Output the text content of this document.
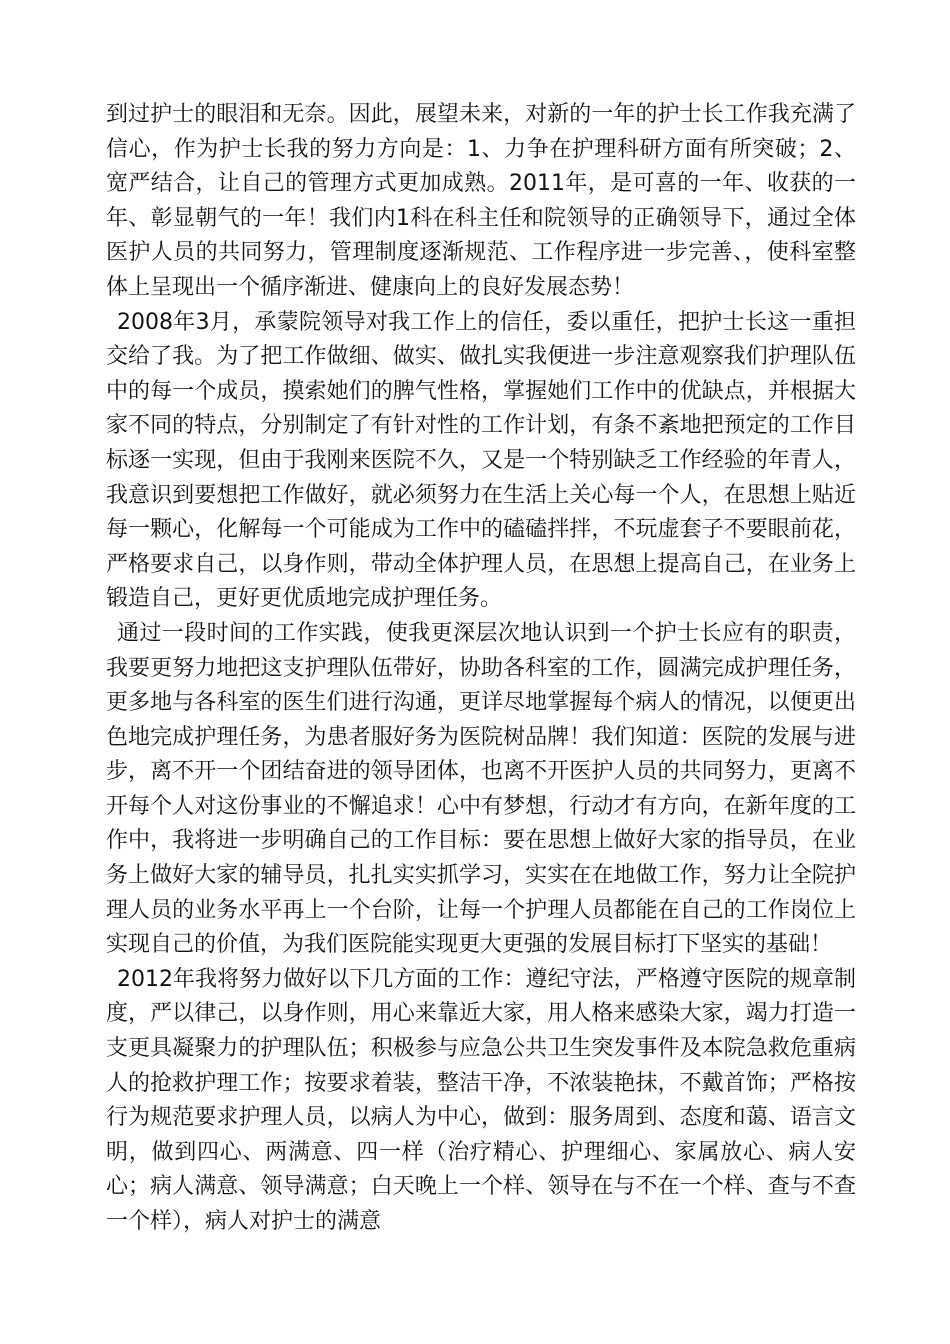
到过护士的眼泪和无奈。因此，展望未来，对新的一年的护士长工作我充满了信心，作为护士长我的努力方向是：1、力争在护理科研方面有所突破；2、宽严结合，让自己的管理方式更加成熟。2011年，是可喜的一年、收获的一年、彰显朝气的一年！我们内1科在科主任和院领导的正确领导下，通过全体医护人员的共同努力，管理制度逐渐规范、工作程序进一步完善、，使科室整体上呈现出一个循序渐进、健康向上的良好发展态势！

2008年3月，承蒙院领导对我工作上的信任，委以重任，把护士长这一重担交给了我。为了把工作做细、做实、做扎实我便进一步注意观察我们护理队伍中的每一个成员，摸索她们的脾气性格，掌握她们工作中的优缺点，并根据大家不同的特点，分别制定了有针对性的工作计划，有条不紊地把预定的工作目标逐一实现，但由于我刚来医院不久，又是一个特别缺乏工作经验的年青人，我意识到要想把工作做好，就必须努力在生活上关心每一个人，在思想上贴近每一颗心，化解每一个可能成为工作中的磕磕拌拌，不玩虚套子不要眼前花，严格要求自己，以身作则，带动全体护理人员，在思想上提高自己，在业务上锻造自己，更好更优质地完成护理任务。

通过一段时间的工作实践，使我更深层次地认识到一个护士长应有的职责，我要更努力地把这支护理队伍带好，协助各科室的工作，圆满完成护理任务，更多地与各科室的医生们进行沟通，更详尽地掌握每个病人的情况，以便更出色地完成护理任务，为患者服好务为医院树品牌！我们知道：医院的发展与进步，离不开一个团结奋进的领导团体，也离不开医护人员的共同努力，更离不开每个人对这份事业的不懈追求！心中有梦想，行动才有方向，在新年度的工作中，我将进一步明确自己的工作目标：要在思想上做好大家的指导员，在业务上做好大家的辅导员，扎扎实实抓学习，实实在在地做工作，努力让全院护理人员的业务水平再上一个台阶，让每一个护理人员都能在自己的工作岗位上实现自己的价值，为我们医院能实现更大更强的发展目标打下坚实的基础！

2012年我将努力做好以下几方面的工作：遵纪守法，严格遵守医院的规章制度，严以律己，以身作则，用心来靠近大家，用人格来感染大家，竭力打造一支更具凝聚力的护理队伍；积极参与应急公共卫生突发事件及本院急救危重病人的抢救护理工作；按要求着装，整洁干净，不浓装艳抹，不戴首饰；严格按行为规范要求护理人员，以病人为中心，做到：服务周到、态度和蔼、语言文明，做到四心、两满意、四一样（治疗精心、护理细心、家属放心、病人安心；病人满意、领导满意；白天晚上一个样、领导在与不在一个样、查与不查一个样），病人对护士的满意
